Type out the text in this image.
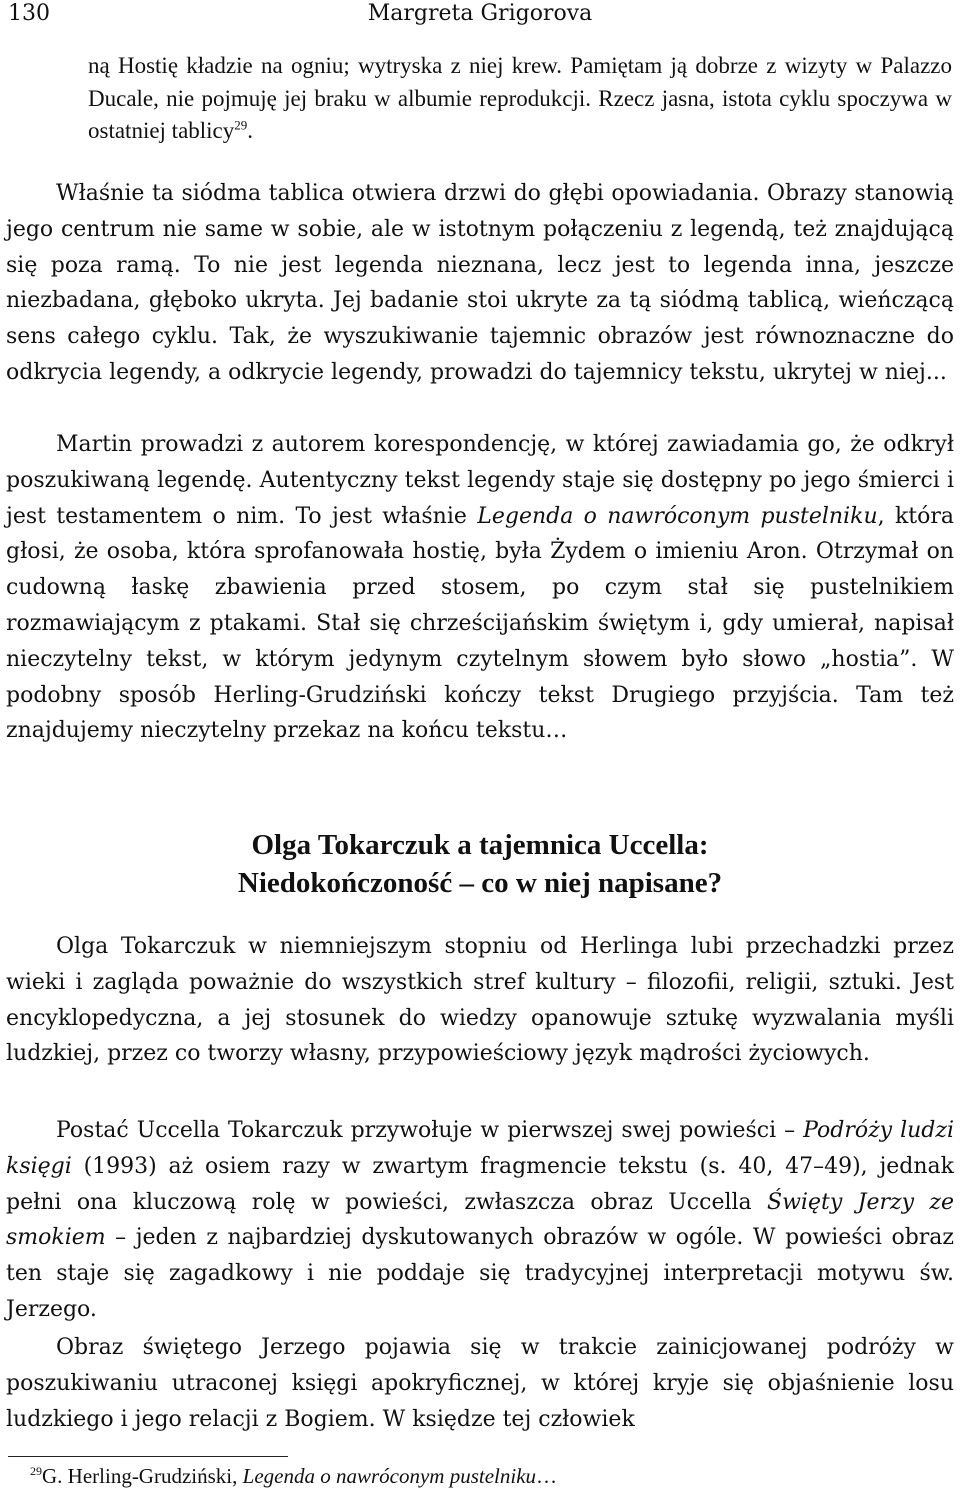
130	Margreta Grigorova

ną Hostię kładzie na ogniu; wytryska z niej krew. Pamiętam ją dobrze z wizyty w Palazzo Ducale, nie pojmuję jej braku w albumie reprodukcji. Rzecz jasna, istota cyklu spoczywa w ostatniej tablicy$^{29}$.

Właśnie ta siódma tablica otwiera drzwi do głębi opowiadania. Obrazy stanowią jego centrum nie same w sobie, ale w istotnym połączeniu z legendą, też znajdującą się poza ramą. To nie jest legenda nieznana, lecz jest to legenda inna, jeszcze niezbadana, głęboko ukryta. Jej badanie stoi ukryte za tą siódmą tablicą, wieńczącą sens całego cyklu. Tak, że wyszukiwanie tajemnic obrazów jest równoznaczne do odkrycia legendy, a odkrycie legendy, prowadzi do tajemnicy tekstu, ukrytej w niej...

Martin prowadzi z autorem korespondencję, w której zawiadamia go, że odkrył poszukiwaną legendę. Autentyczny tekst legendy staje się dostępny po jego śmierci i jest testamentem o nim. To jest właśnie Legenda o nawróconym pustelniku, która głosi, że osoba, która sprofanowała hostię, była Żydem o imieniu Aron. Otrzymał on cudowną łaskę zbawienia przed stosem, po czym stał się pustelnikiem rozmawiającym z ptakami. Stał się chrześcijańskim świętym i, gdy umierał, napisał nieczytelny tekst, w którym jedynym czytelnym słowem było słowo „hostia”. W podobny sposób Herling-Grudziński kończy tekst Drugiego przyjścia. Tam też znajdujemy nieczytelny przekaz na końcu tekstu…

Olga Tokarczuk a tajemnica Uccella:
Niedokończoność – co w niej napisane?

Olga Tokarczuk w niemniejszym stopniu od Herlinga lubi przechadzki przez wieki i zagląda poważnie do wszystkich stref kultury – filozofii, religii, sztuki. Jest encyklopedyczna, a jej stosunek do wiedzy opanowuje sztukę wyzwalania myśli ludzkiej, przez co tworzy własny, przypowieściowy język mądrości życiowych.

Postać Uccella Tokarczuk przywołuje w pierwszej swej powieści – Podróży ludzi księgi (1993) aż osiem razy w zwartym fragmencie tekstu (s. 40, 47–49), jednak pełni ona kluczową rolę w powieści, zwłaszcza obraz Uccella Święty Jerzy ze smokiem – jeden z najbardziej dyskutowanych obrazów w ogóle. W powieści obraz ten staje się zagadkowy i nie poddaje się tradycyjnej interpretacji motywu św. Jerzego.

Obraz świętego Jerzego pojawia się w trakcie zainicjowanej podróży w poszukiwaniu utraconej księgi apokryficznej, w której kryje się objaśnienie losu ludzkiego i jego relacji z Bogiem. W księdze tej człowiek

$^{29}$G. Herling-Grudziński, Legenda o nawróconym pustelniku…
